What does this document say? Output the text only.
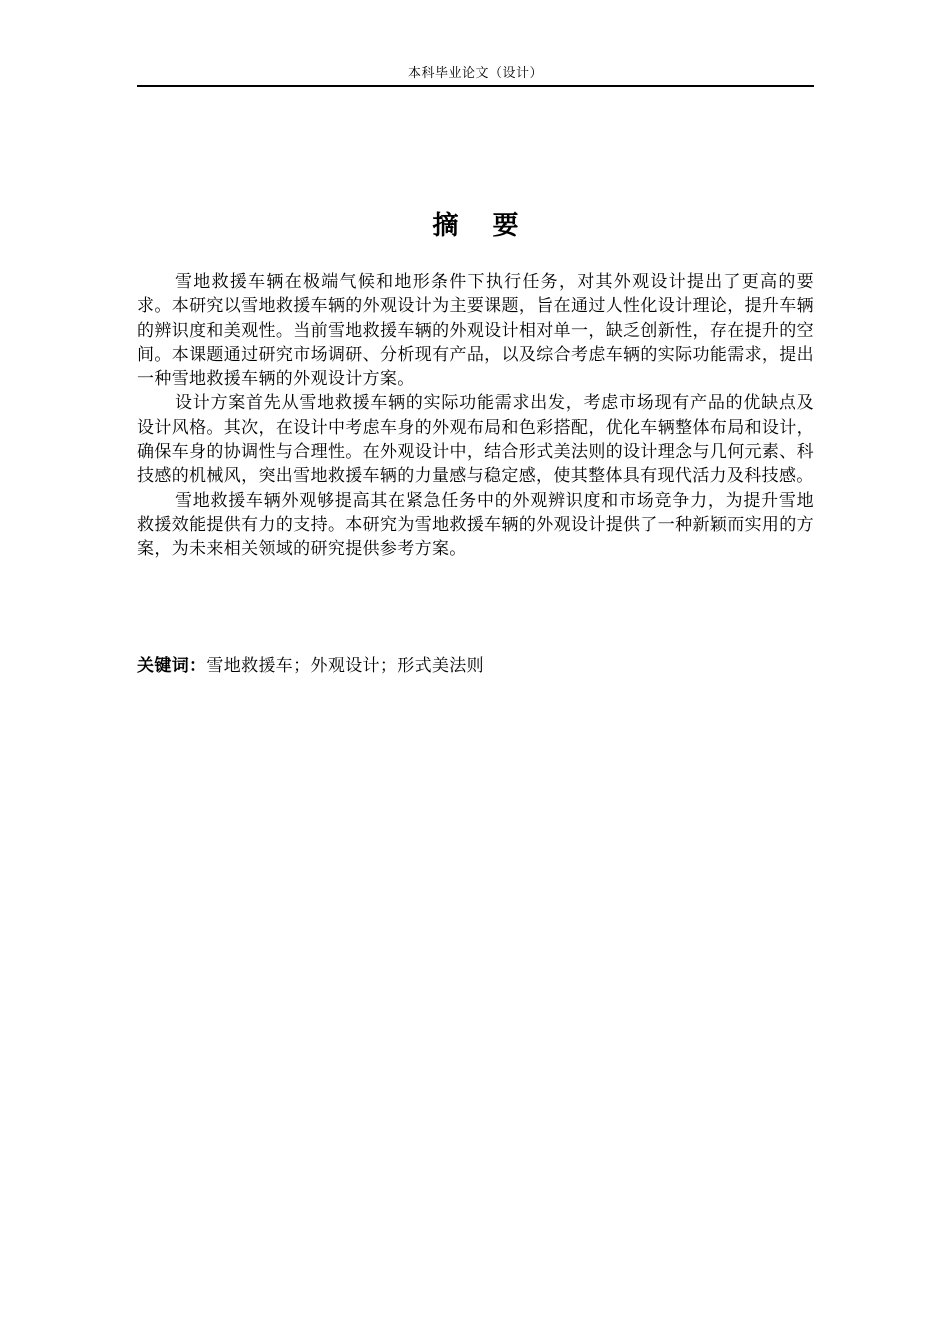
本科毕业论文（设计）
摘要

雪地救援车辆在极端气候和地形条件下执行任务，对其外观设计提出了更高的要求。本研究以雪地救援车辆的外观设计为主要课题，旨在通过人性化设计理论，提升车辆的辨识度和美观性。当前雪地救援车辆的外观设计相对单一，缺乏创新性，存在提升的空间。本课题通过研究市场调研、分析现有产品，以及综合考虑车辆的实际功能需求，提出一种雪地救援车辆的外观设计方案。

设计方案首先从雪地救援车辆的实际功能需求出发，考虑市场现有产品的优缺点及设计风格。其次，在设计中考虑车身的外观布局和色彩搭配，优化车辆整体布局和设计，确保车身的协调性与合理性。在外观设计中，结合形式美法则的设计理念与几何元素、科技感的机械风，突出雪地救援车辆的力量感与稳定感，使其整体具有现代活力及科技感。

雪地救援车辆外观够提高其在紧急任务中的外观辨识度和市场竞争力，为提升雪地救援效能提供有力的支持。本研究为雪地救援车辆的外观设计提供了一种新颖而实用的方案，为未来相关领域的研究提供参考方案。

关键词：雪地救援车；外观设计；形式美法则
